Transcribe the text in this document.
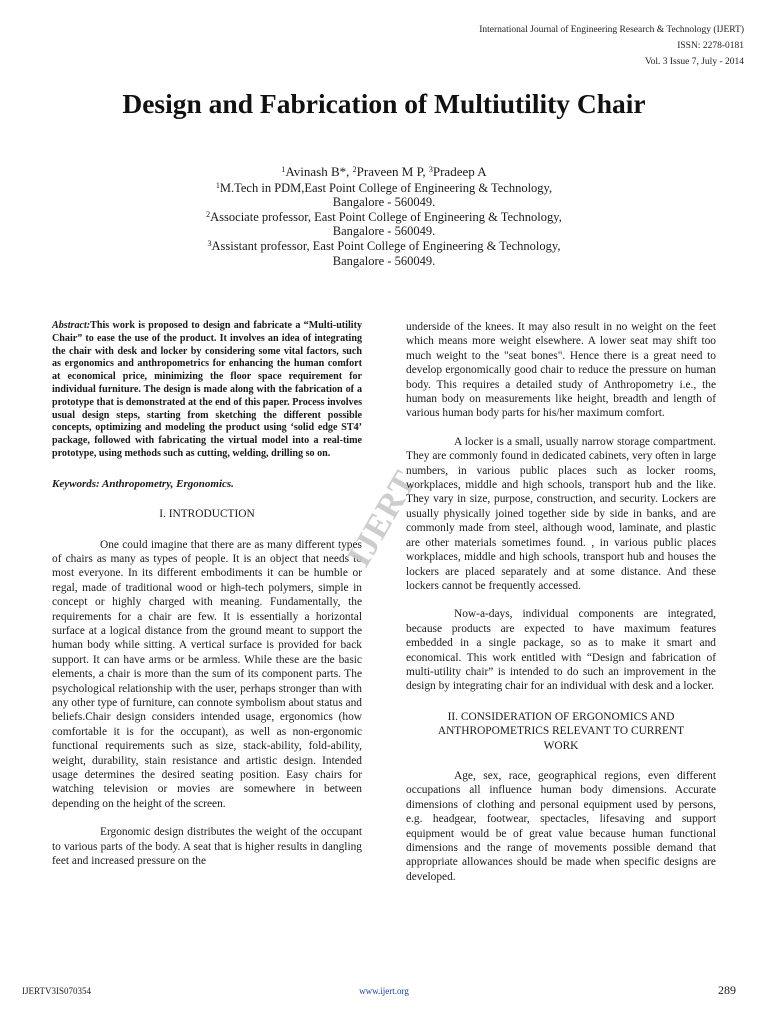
International Journal of Engineering Research & Technology (IJERT)
ISSN: 2278-0181
Vol. 3 Issue 7, July - 2014
Design and Fabrication of Multiutility Chair
$^1$Avinash B*, $^2$Praveen M P, $^3$Pradeep A
$^1$M.Tech in PDM,East Point College of Engineering & Technology,
Bangalore - 560049.
$^2$Associate professor, East Point College of Engineering & Technology,
Bangalore - 560049.
$^3$Assistant professor, East Point College of Engineering & Technology,
Bangalore - 560049.
Abstract:This work is proposed to design and fabricate a “Multi-utility Chair” to ease the use of the product. It involves an idea of integrating the chair with desk and locker by considering some vital factors, such as ergonomics and anthropometrics for enhancing the human comfort at economical price, minimizing the floor space requirement for individual furniture. The design is made along with the fabrication of a prototype that is demonstrated at the end of this paper. Process involves usual design steps, starting from sketching the different possible concepts, optimizing and modeling the product using ‘solid edge ST4’ package, followed with fabricating the virtual model into a real-time prototype, using methods such as cutting, welding, drilling so on.
Keywords: Anthropometry, Ergonomics.
I. INTRODUCTION

One could imagine that there are as many different types of chairs as many as types of people. It is an object that needs to most everyone. In its different embodiments it can be humble or regal, made of traditional wood or high-tech polymers, simple in concept or highly charged with meaning. Fundamentally, the requirements for a chair are few. It is essentially a horizontal surface at a logical distance from the ground meant to support the human body while sitting. A vertical surface is provided for back support. It can have arms or be armless. While these are the basic elements, a chair is more than the sum of its component parts. The psychological relationship with the user, perhaps stronger than with any other type of furniture, can connote symbolism about status and beliefs.Chair design considers intended usage, ergonomics (how comfortable it is for the occupant), as well as non-ergonomic functional requirements such as size, stack-ability, fold-ability, weight, durability, stain resistance and artistic design. Intended usage determines the desired seating position. Easy chairs for watching television or movies are somewhere in between depending on the height of the screen.

Ergonomic design distributes the weight of the occupant to various parts of the body. A seat that is higher results in dangling feet and increased pressure on the

IJERT

underside of the knees. It may also result in no weight on the feet which means more weight elsewhere. A lower seat may shift too much weight to the "seat bones". Hence there is a great need to develop ergonomically good chair to reduce the pressure on human body. This requires a detailed study of Anthropometry i.e., the human body on measurements like height, breadth and length of various human body parts for his/her maximum comfort.

A locker is a small, usually narrow storage compartment. They are commonly found in dedicated cabinets, very often in large numbers, in various public places such as locker rooms, workplaces, middle and high schools, transport hub and the like. They vary in size, purpose, construction, and security. Lockers are usually physically joined together side by side in banks, and are commonly made from steel, although wood, laminate, and plastic are other materials sometimes found. , in various public places workplaces, middle and high schools, transport hub and houses the lockers are placed separately and at some distance. And these lockers cannot be frequently accessed.

Now-a-days, individual components are integrated, because products are expected to have maximum features embedded in a single package, so as to make it smart and economical. This work entitled with “Design and fabrication of multi-utility chair” is intended to do such an improvement in the design by integrating chair for an individual with desk and a locker.

II. CONSIDERATION OF ERGONOMICS AND
ANTHROPOMETRICS RELEVANT TO CURRENT
WORK

Age, sex, race, geographical regions, even different occupations all influence human body dimensions. Accurate dimensions of clothing and personal equipment used by persons, e.g. headgear, footwear, spectacles, lifesaving and support equipment would be of great value because human functional dimensions and the range of movements possible demand that appropriate allowances should be made when specific designs are developed.

IJERTV3IS070354	www.ijert.org	289
